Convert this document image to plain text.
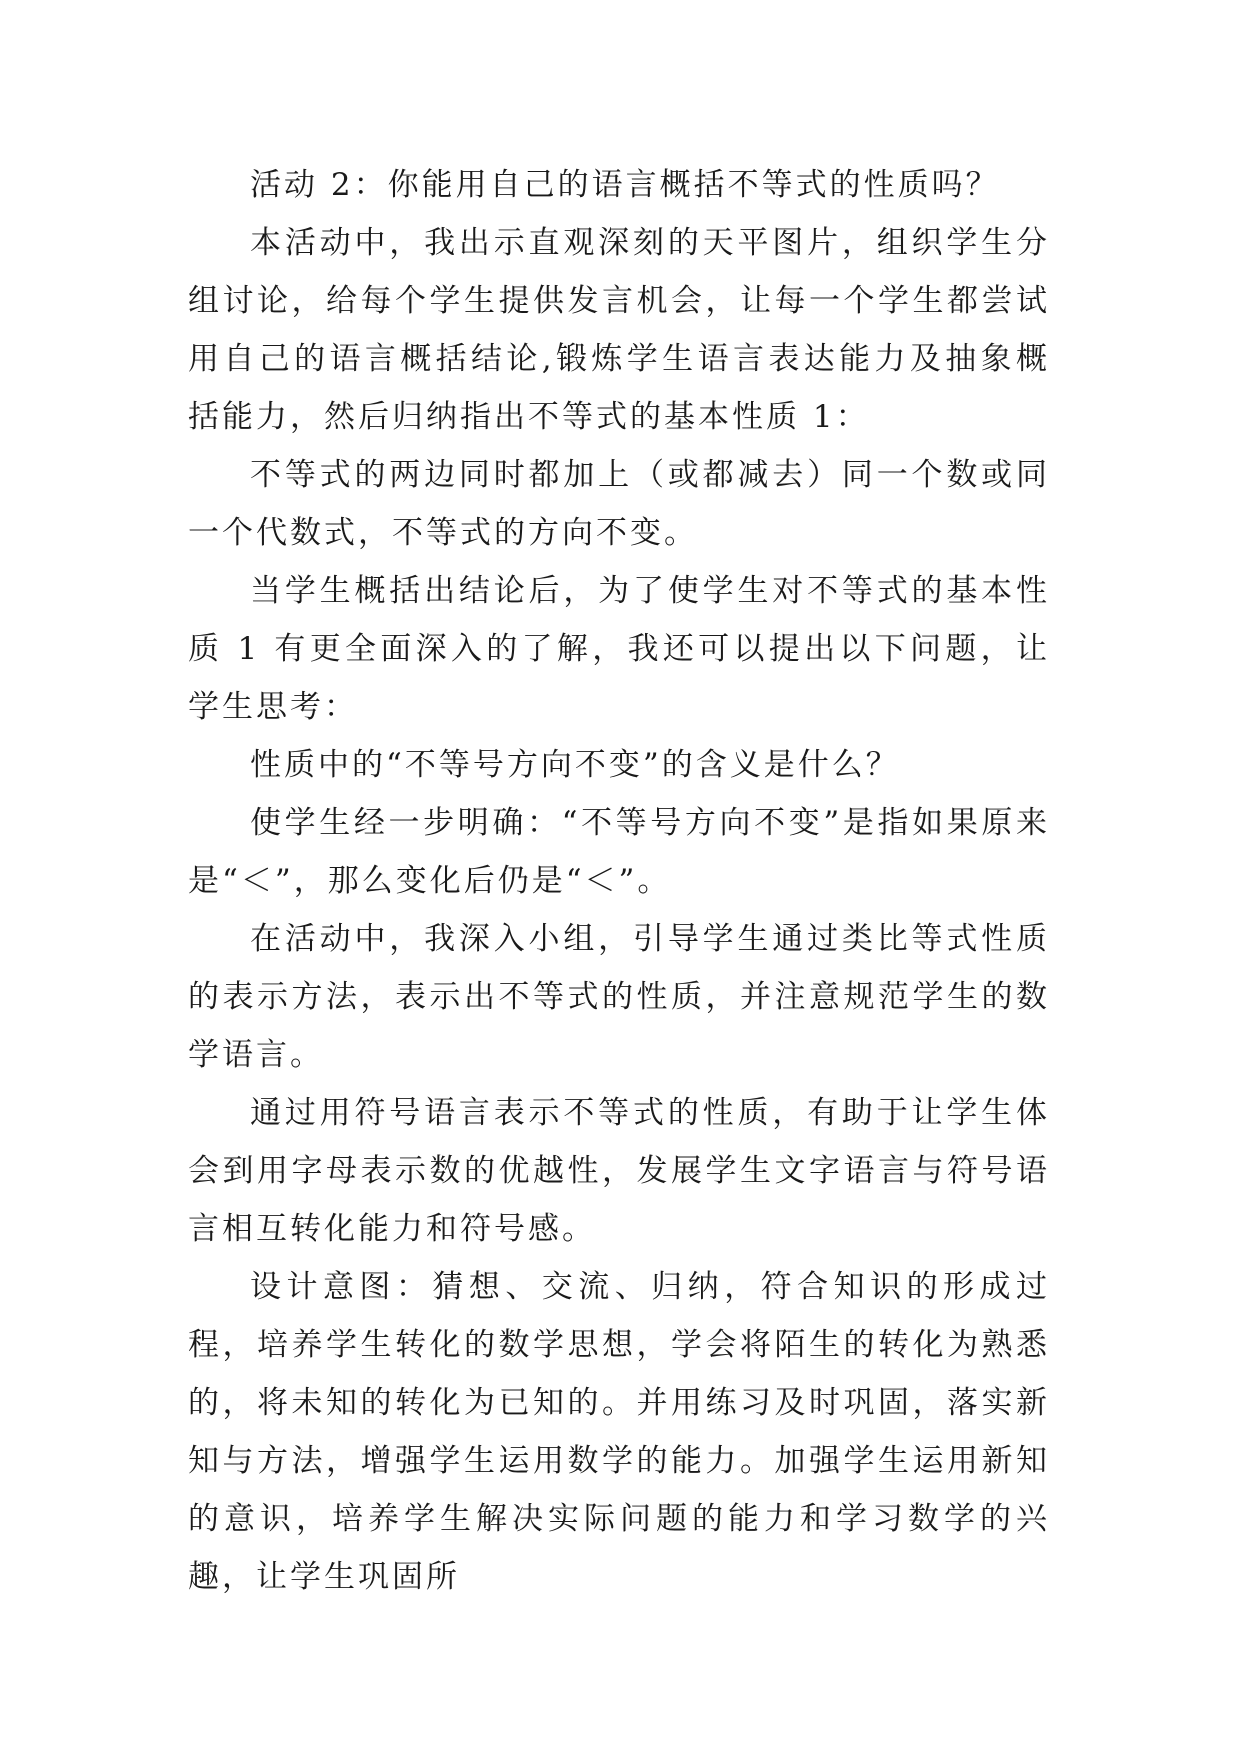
活动 2：你能用自己的语言概括不等式的性质吗？

本活动中，我出示直观深刻的天平图片，组织学生分组讨论，给每个学生提供发言机会，让每一个学生都尝试用自己的语言概括结论,锻炼学生语言表达能力及抽象概括能力，然后归纳指出不等式的基本性质 1：

不等式的两边同时都加上（或都减去）同一个数或同一个代数式，不等式的方向不变。

当学生概括出结论后，为了使学生对不等式的基本性质 1 有更全面深入的了解，我还可以提出以下问题，让学生思考：

性质中的“不等号方向不变”的含义是什么？

使学生经一步明确：“不等号方向不变”是指如果原来是“＜”，那么变化后仍是“＜”。

在活动中，我深入小组，引导学生通过类比等式性质的表示方法，表示出不等式的性质，并注意规范学生的数学语言。

通过用符号语言表示不等式的性质，有助于让学生体会到用字母表示数的优越性，发展学生文字语言与符号语言相互转化能力和符号感。

设计意图：猜想、交流、归纳，符合知识的形成过程，培养学生转化的数学思想，学会将陌生的转化为熟悉的，将未知的转化为已知的。并用练习及时巩固，落实新知与方法，增强学生运用数学的能力。加强学生运用新知的意识，培养学生解决实际问题的能力和学习数学的兴趣，让学生巩固所
